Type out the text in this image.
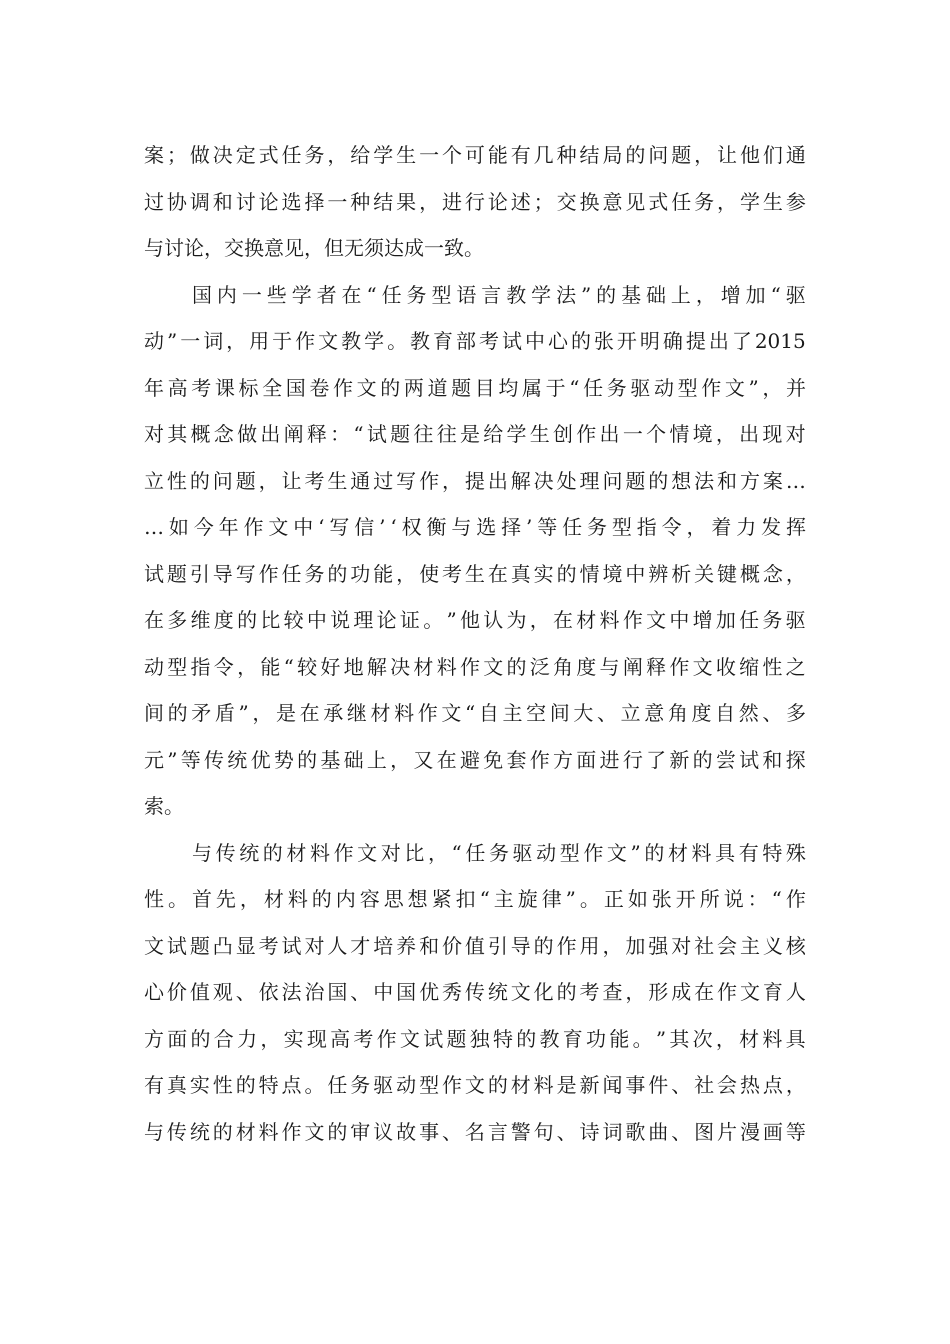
案 ； 做 决 定 式 任 务 ， 给 学 生 一 个 可 能 有 几 种 结 局 的 问 题 ， 让 他 们 通
过 协 调 和 讨 论 选 择 一 种 结 果 ， 进 行 论 述 ； 交 换 意 见 式 任 务 ， 学 生 参
与讨论，交换意见，但无须达成一致。
国 内 一 些 学 者 在 “ 任 务 型 语 言 教 学 法 ” 的 基 础 上 ， 增 加 “ 驱
动 ” 一 词 ， 用 于 作 文 教 学 。 教 育 部 考 试 中 心 的 张 开 明 确 提 出 了 2015
年 高 考 课 标 全 国 卷 作 文 的 两 道 题 目 均 属 于 “ 任 务 驱 动 型 作 文 ” ， 并
对 其 概 念 做 出 阐 释 ： “ 试 题 往 往 是 给 学 生 创 作 出 一 个 情 境 ， 出 现 对
立 性 的 问 题 ， 让 考 生 通 过 写 作 ， 提 出 解 决 处 理 问 题 的 想 法 和 方 案 …
… 如 今 年 作 文 中 ‘ 写 信 ’ ‘ 权 衡 与 选 择 ’ 等 任 务 型 指 令 ， 着 力 发 挥
试 题 引 导 写 作 任 务 的 功 能 ， 使 考 生 在 真 实 的 情 境 中 辨 析 关 键 概 念 ，
在 多 维 度 的 比 较 中 说 理 论 证 。 ” 他 认 为 ， 在 材 料 作 文 中 增 加 任 务 驱
动 型 指 令 ， 能 “ 较 好 地 解 决 材 料 作 文 的 泛 角 度 与 阐 释 作 文 收 缩 性 之
间 的 矛 盾 ” ， 是 在 承 继 材 料 作 文 “ 自 主 空 间 大 、 立 意 角 度 自 然 、 多
元 ” 等 传 统 优 势 的 基 础 上 ， 又 在 避 免 套 作 方 面 进 行 了 新 的 尝 试 和 探
索。
与 传 统 的 材 料 作 文 对 比 ， “ 任 务 驱 动 型 作 文 ” 的 材 料 具 有 特 殊
性 。 首 先 ， 材 料 的 内 容 思 想 紧 扣 “ 主 旋 律 ” 。 正 如 张 开 所 说 ： “ 作
文 试 题 凸 显 考 试 对 人 才 培 养 和 价 值 引 导 的 作 用 ， 加 强 对 社 会 主 义 核
心 价 值 观 、 依 法 治 国 、 中 国 优 秀 传 统 文 化 的 考 查 ， 形 成 在 作 文 育 人
方 面 的 合 力 ， 实 现 高 考 作 文 试 题 独 特 的 教 育 功 能 。 ” 其 次 ， 材 料 具
有 真 实 性 的 特 点 。 任 务 驱 动 型 作 文 的 材 料 是 新 闻 事 件 、 社 会 热 点 ，
与 传 统 的 材 料 作 文 的 审 议 故 事 、 名 言 警 句 、 诗 词 歌 曲 、 图 片 漫 画 等
